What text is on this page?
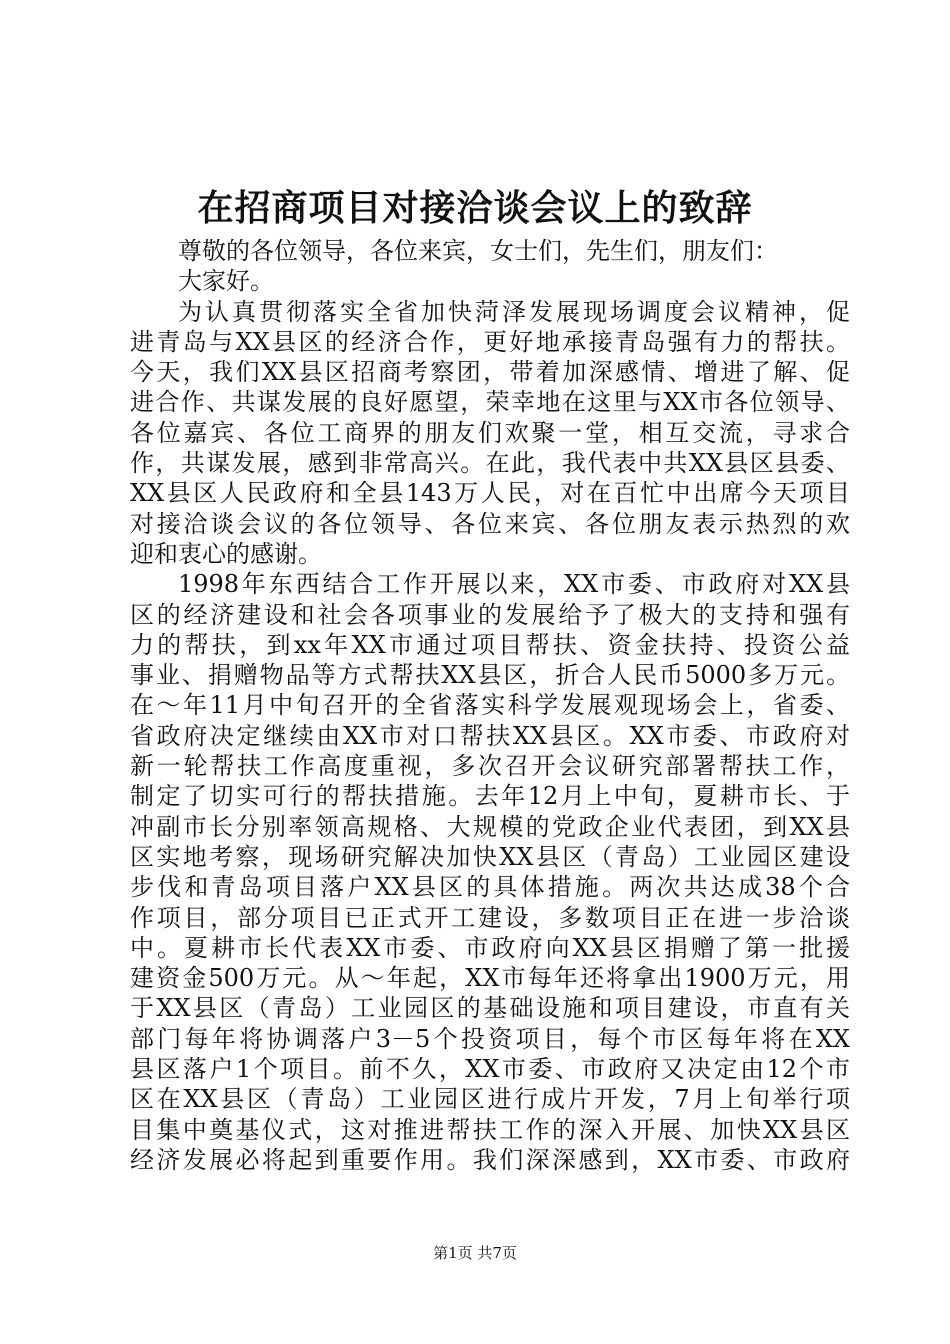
在招商项目对接洽谈会议上的致辞
尊敬的各位领导，各位来宾，女士们，先生们，朋友们：
大家好。
为认真贯彻落实全省加快菏泽发展现场调度会议精神，促
进青岛与XX县区的经济合作，更好地承接青岛强有力的帮扶。
今天，我们XX县区招商考察团，带着加深感情、增进了解、促
进合作、共谋发展的良好愿望，荣幸地在这里与XX市各位领导、
各位嘉宾、各位工商界的朋友们欢聚一堂，相互交流，寻求合
作，共谋发展，感到非常高兴。在此，我代表中共XX县区县委、
XX县区人民政府和全县143万人民，对在百忙中出席今天项目
对接洽谈会议的各位领导、各位来宾、各位朋友表示热烈的欢
迎和衷心的感谢。
1998年东西结合工作开展以来，XX市委、市政府对XX县
区的经济建设和社会各项事业的发展给予了极大的支持和强有
力的帮扶，到xx年XX市通过项目帮扶、资金扶持、投资公益
事业、捐赠物品等方式帮扶XX县区，折合人民币5000多万元。
在～年11月中旬召开的全省落实科学发展观现场会上，省委、
省政府决定继续由XX市对口帮扶XX县区。XX市委、市政府对
新一轮帮扶工作高度重视，多次召开会议研究部署帮扶工作，
制定了切实可行的帮扶措施。去年12月上中旬，夏耕市长、于
冲副市长分别率领高规格、大规模的党政企业代表团，到XX县
区实地考察，现场研究解决加快XX县区（青岛）工业园区建设
步伐和青岛项目落户XX县区的具体措施。两次共达成38个合
作项目，部分项目已正式开工建设，多数项目正在进一步洽谈
中。夏耕市长代表XX市委、市政府向XX县区捐赠了第一批援
建资金500万元。从～年起，XX市每年还将拿出1900万元，用
于XX县区（青岛）工业园区的基础设施和项目建设，市直有关
部门每年将协调落户3－5个投资项目，每个市区每年将在XX
县区落户1个项目。前不久，XX市委、市政府又决定由12个市
区在XX县区（青岛）工业园区进行成片开发，7月上旬举行项
目集中奠基仪式，这对推进帮扶工作的深入开展、加快XX县区
经济发展必将起到重要作用。我们深深感到，XX市委、市政府
第1页 共7页
